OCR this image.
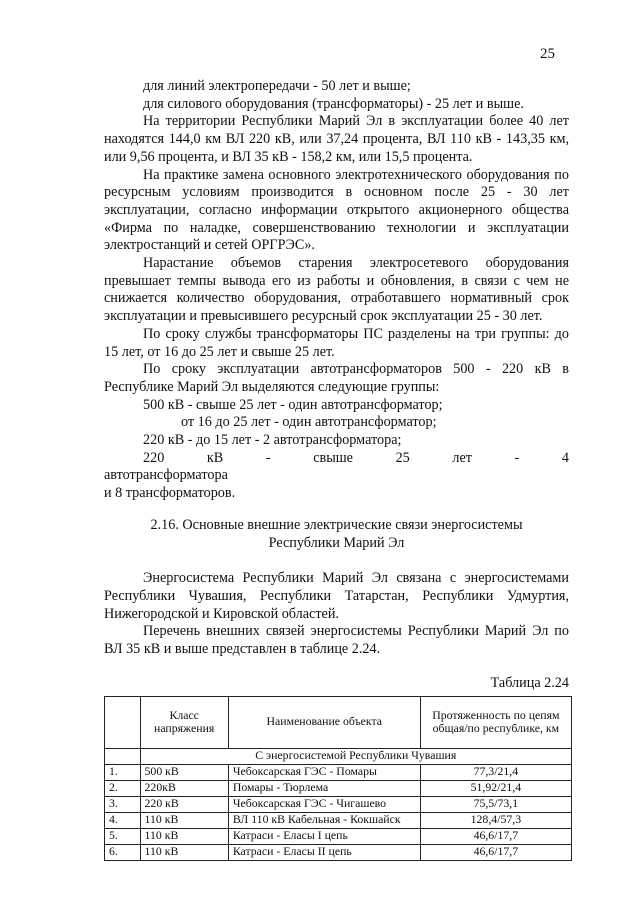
25

для линий электропередачи - 50 лет и выше;

для силового оборудования (трансформаторы) - 25 лет и выше.

На территории Республики Марий Эл в эксплуатации более 40 лет находятся 144,0 км ВЛ 220 кВ, или 37,24 процента, ВЛ 110 кВ - 143,35 км, или 9,56 процента, и ВЛ 35 кВ - 158,2 км, или 15,5 процента.

На практике замена основного электротехнического оборудования по ресурсным условиям производится в основном после 25 - 30 лет эксплуатации, согласно информации открытого акционерного общества «Фирма по наладке, совершенствованию технологии и эксплуатации электростанций и сетей ОРГРЭС».

Нарастание объемов старения электросетевого оборудования превышает темпы вывода его из работы и обновления, в связи с чем не снижается количество оборудования, отработавшего нормативный срок эксплуатации и превысившего ресурсный срок эксплуатации 25 - 30 лет.

По сроку службы трансформаторы ПС разделены на три группы: до 15 лет, от 16 до 25 лет и свыше 25 лет.

По сроку эксплуатации автотрансформаторов 500 - 220 кВ в Республике Марий Эл выделяются следующие группы:

500 кВ - свыше 25 лет - один автотрансформатор;

от 16 до 25 лет - один автотрансформатор;

220 кВ - до 15 лет - 2 автотрансформатора;

220 кВ - свыше 25 лет - 4 автотрансформатора

и 8 трансформаторов.

2.16. Основные внешние электрические связи энергосистемы
Республики Марий Эл

Энергосистема Республики Марий Эл связана с энергосистемами Республики Чувашия, Республики Татарстан, Республики Удмуртия, Нижегородской и Кировской областей.

Перечень внешних связей энергосистемы Республики Марий Эл по ВЛ 35 кВ и выше представлен в таблице 2.24.

Таблица 2.24

	Класс напряжения	Наименование объекта	Протяженность по цепям общая/по республике, км
	С энергосистемой Республики Чувашия		
1.	500 кВ	Чебоксарская ГЭС - Помары	77,3/21,4
2.	220кВ	Помары - Тюрлема	51,92/21,4
3.	220 кВ	Чебоксарская ГЭС - Чигашево	75,5/73,1
4.	110 кВ	ВЛ 110 кВ Кабельная - Кокшайск	128,4/57,3
5.	110 кВ	Катраси - Еласы I цепь	46,6/17,7
6.	110 кВ	Катраси - Еласы II цепь	46,6/17,7
